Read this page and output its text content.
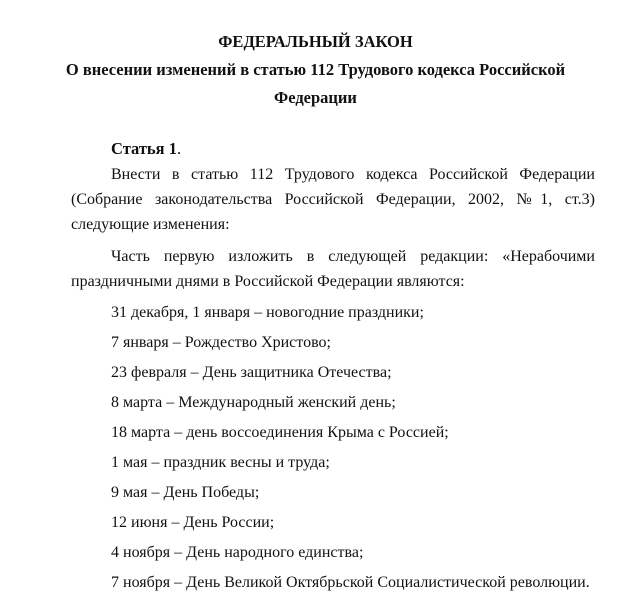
ФЕДЕРАЛЬНЫЙ ЗАКОН
О внесении изменений в статью 112 Трудового кодекса Российской
Федерации
Статья 1.

Внести в статью 112 Трудового кодекса Российской Федерации (Собрание законодательства Российской Федерации, 2002, №1, ст.3) следующие изменения:

Часть первую изложить в следующей редакции: «Нерабочими праздничными днями в Российской Федерации являются:

31 декабря, 1 января – новогодние праздники;
7 января – Рождество Христово;
23 февраля – День защитника Отечества;
8 марта – Международный женский день;
18 марта – день воссоединения Крыма с Россией;
1 мая – праздник весны и труда;
9 мая – День Победы;
12 июня – День России;
4 ноября – День народного единства;
7 ноября – День Великой Октябрьской Социалистической революции.
